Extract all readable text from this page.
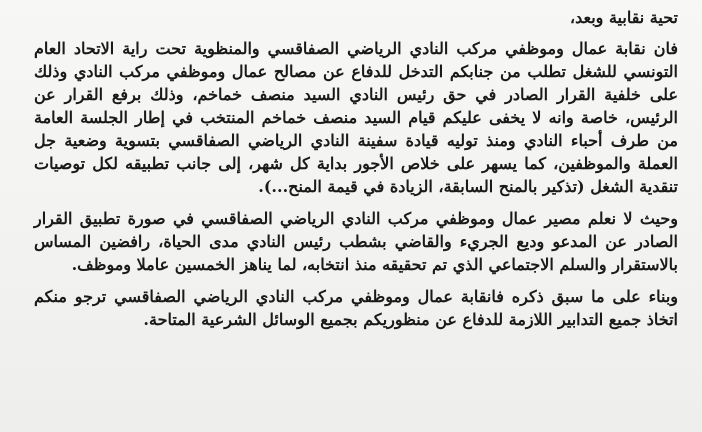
تحية نقابية وبعد،

فان نقابة عمال وموظفي مركب النادي الرياضي الصفاقسي والمنظوية تحت راية الاتحاد العام التونسي للشغل تطلب من جنابكم التدخل للدفاع عن مصالح عمال وموظفي مركب النادي وذلك على خلفية القرار الصادر في حق رئيس النادي السيد منصف خماخم، وذلك برفع القرار عن الرئيس، خاصة وانه لا يخفى عليكم قيام السيد منصف خماخم المنتخب في إطار الجلسة العامة من طرف أحباء النادي ومنذ توليه قيادة سفينة النادي الرياضي الصفاقسي بتسوية وضعية جل العملة والموظفين، كما يسهر على خلاص الأجور بداية كل شهر، إلى جانب تطبيقه لكل توصيات تنقدية الشغل (تذكير بالمنح السابقة، الزيادة في قيمة المنح...).

وحيث لا نعلم مصير عمال وموظفي مركب النادي الرياضي الصفاقسي في صورة تطبيق القرار الصادر عن المدعو وديع الجريء والقاضي بشطب رئيس النادي مدى الحياة، رافضين المساس بالاستقرار والسلم الاجتماعي الذي تم تحقيقه منذ انتخابه، لما يناهز الخمسين عاملا وموظف.

وبناء على ما سبق ذكره فانقابة عمال وموظفي مركب النادي الرياضي الصفاقسي ترجو منكم اتخاذ جميع التدابير اللازمة للدفاع عن منظوريكم بجميع الوسائل الشرعية المتاحة.
